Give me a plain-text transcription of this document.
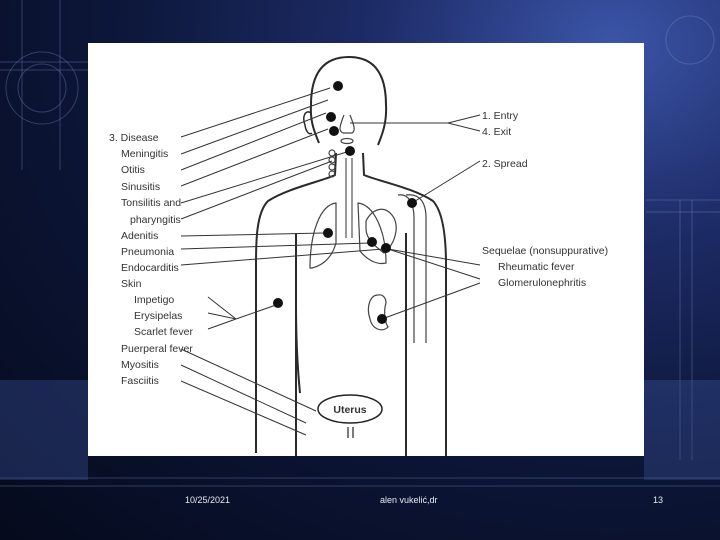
Uterus
1. Entry
4. Exit
2. Spread
3. Disease
Meningitis
Otitis
Sinusitis
Tonsilitis and
pharyngitis
Adenitis
Pneumonia
Endocarditis
Skin
Impetigo
Erysipelas
Scarlet fever
Puerperal fever
Myositis
Fasciitis
Sequelae (nonsuppurative)
Rheumatic fever
Glomerulonephritis
10/25/2021	alen vukelić,dr	13
